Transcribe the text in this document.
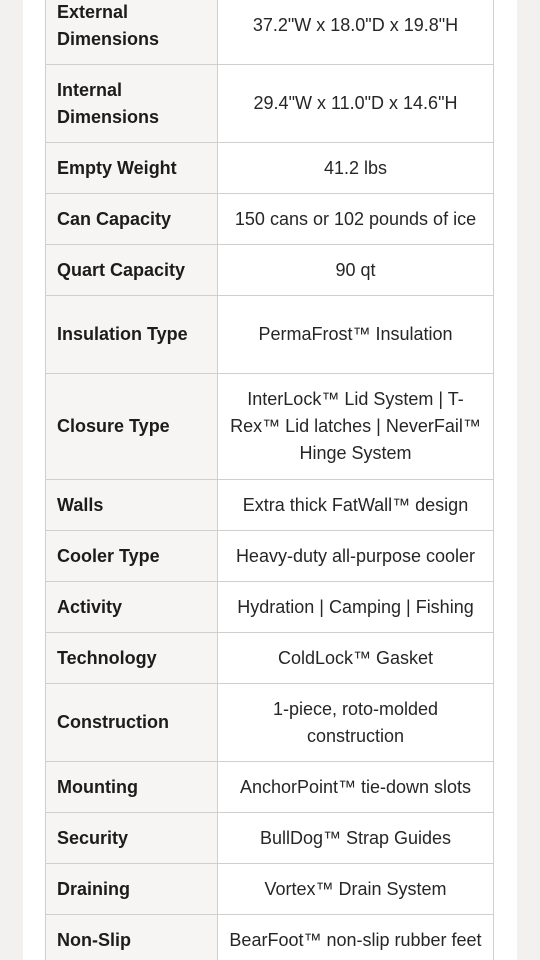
External Dimensions	37.2"W x 18.0"D x 19.8"H
Internal Dimensions	29.4"W x 11.0"D x 14.6"H
Empty Weight	41.2 lbs
Can Capacity	150 cans or 102 pounds of ice
Quart Capacity	90 qt
Insulation Type	PermaFrost™ Insulation
Closure Type	InterLock™ Lid System | T-Rex™ Lid latches | NeverFail™ Hinge System
Walls	Extra thick FatWall™ design
Cooler Type	Heavy-duty all-purpose cooler
Activity	Hydration | Camping | Fishing
Technology	ColdLock™ Gasket
Construction	1-piece, roto-molded construction
Mounting	AnchorPoint™ tie-down slots
Security	BullDog™ Strap Guides
Draining	Vortex™ Drain System
Non-Slip	BearFoot™ non-slip rubber feet
